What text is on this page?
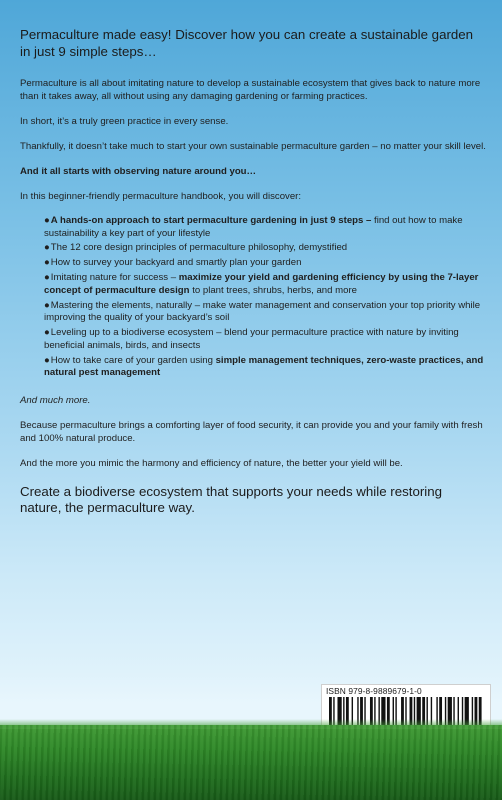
Permaculture made easy! Discover how you can create a sustainable garden in just 9 simple steps…

Permaculture is all about imitating nature to develop a sustainable ecosystem that gives back to nature more than it takes away, all without using any damaging gardening or farming practices.

In short, it’s a truly green practice in every sense.

Thankfully, it doesn’t take much to start your own sustainable permaculture garden – no matter your skill level.

And it all starts with observing nature around you…

In this beginner-friendly permaculture handbook, you will discover:

●A hands-on approach to start permaculture gardening in just 9 steps – find out how to make sustainability a key part of your lifestyle
●The 12 core design principles of permaculture philosophy, demystified
●How to survey your backyard and smartly plan your garden
●Imitating nature for success – maximize your yield and gardening efficiency by using the 7-layer concept of permaculture design to plant trees, shrubs, herbs, and more
●Mastering the elements, naturally – make water management and conservation your top priority while improving the quality of your backyard’s soil
●Leveling up to a biodiverse ecosystem – blend your permaculture practice with nature by inviting beneficial animals, birds, and insects
●How to take care of your garden using simple management techniques, zero-waste practices, and natural pest management

And much more.

Because permaculture brings a comforting layer of food security, it can provide you and your family with fresh and 100% natural produce.

And the more you mimic the harmony and efficiency of nature, the better your yield will be.

Create a biodiverse ecosystem that supports your needs while restoring nature, the permaculture way.

ISBN 979-8-9889679-1-0
